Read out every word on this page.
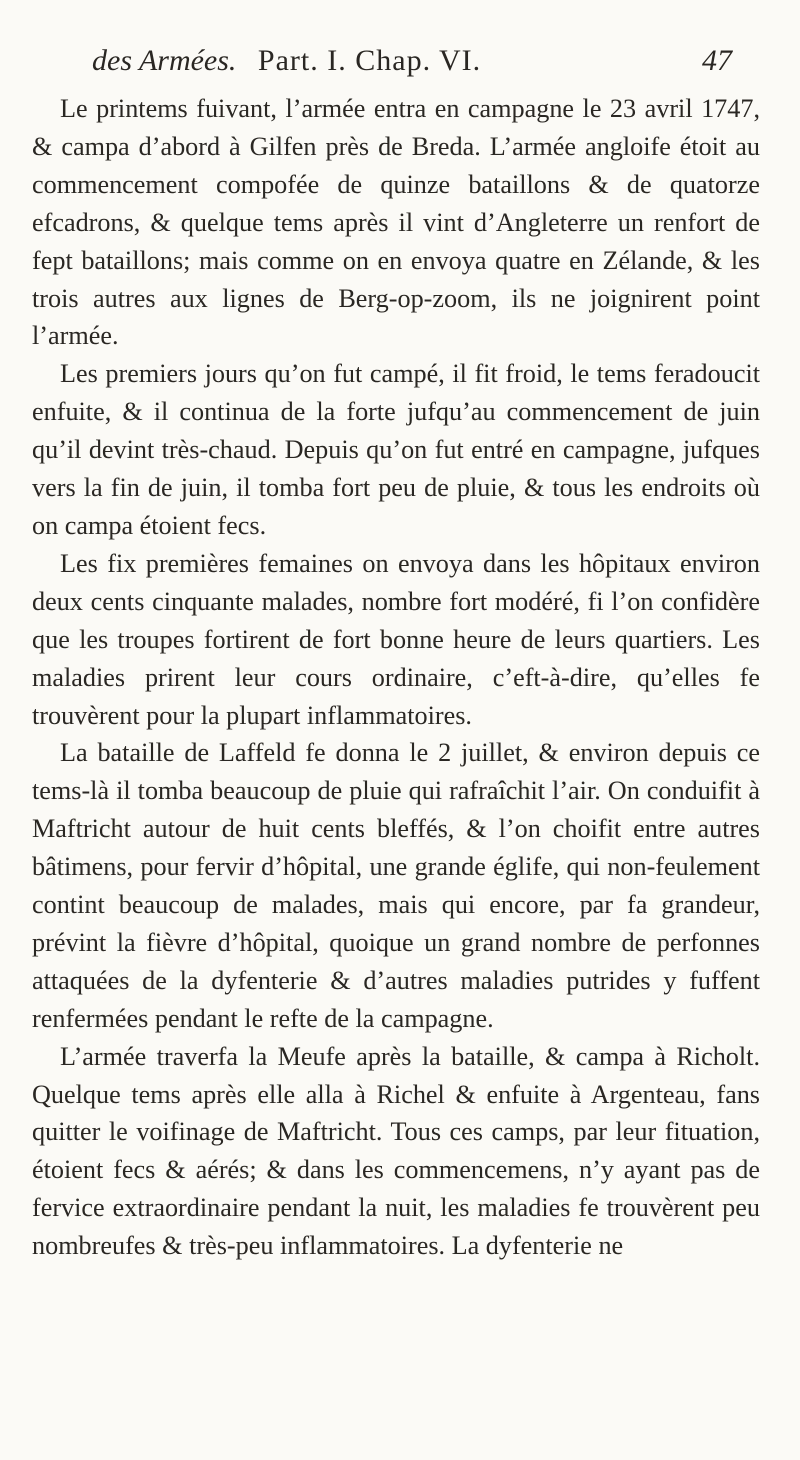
des Armées. Part. I. Chap. VI.	47

Le printems fuivant, l’armée entra en campagne le 23 avril 1747, & campa d’abord à Gilfen près de Breda. L’armée angloife étoit au commencement compofée de quinze bataillons & de quatorze efcadrons, & quelque tems après il vint d’Angleterre un renfort de fept bataillons; mais comme on en envoya quatre en Zélande, & les trois autres aux lignes de Berg-op-zoom, ils ne joignirent point l’armée.

Les premiers jours qu’on fut campé, il fit froid, le tems feradoucit enfuite, & il continua de la forte jufqu’au commencement de juin qu’il devint très-chaud. Depuis qu’on fut entré en campagne, jufques vers la fin de juin, il tomba fort peu de pluie, & tous les endroits où on campa étoient fecs.

Les fix premières femaines on envoya dans les hôpitaux environ deux cents cinquante malades, nombre fort modéré, fi l’on confidère que les troupes fortirent de fort bonne heure de leurs quartiers. Les maladies prirent leur cours ordinaire, c’eft-à-dire, qu’elles fe trouvèrent pour la plupart inflammatoires.

La bataille de Laffeld fe donna le 2 juillet, & environ depuis ce tems-là il tomba beaucoup de pluie qui rafraîchit l’air. On conduifit à Maftricht autour de huit cents bleffés, & l’on choifit entre autres bâtimens, pour fervir d’hôpital, une grande églife, qui non-feulement contint beaucoup de malades, mais qui encore, par fa grandeur, prévint la fièvre d’hôpital, quoique un grand nombre de perfonnes attaquées de la dyfenterie & d’autres maladies putrides y fuffent renfermées pendant le refte de la campagne.

L’armée traverfa la Meufe après la bataille, & campa à Richolt. Quelque tems après elle alla à Richel & enfuite à Argenteau, fans quitter le voifinage de Maftricht. Tous ces camps, par leur fituation, étoient fecs & aérés; & dans les commencemens, n’y ayant pas de fervice extraordinaire pendant la nuit, les maladies fe trouvèrent peu nombreufes & très-peu inflammatoires. La dyfenterie ne
